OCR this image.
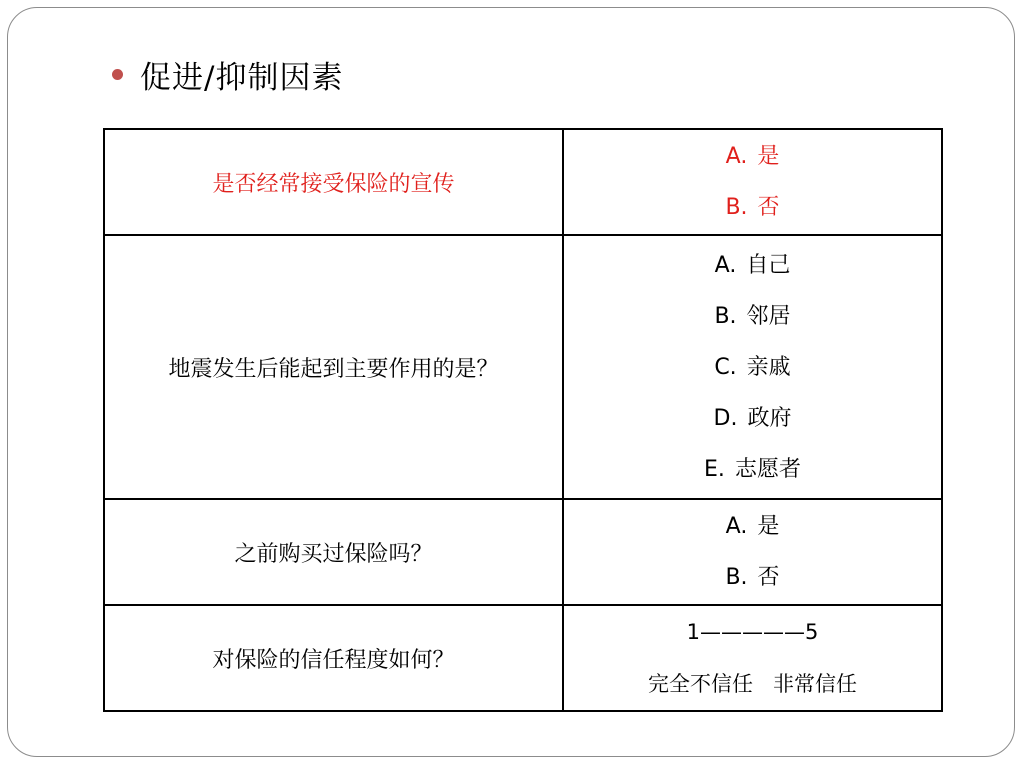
促进/抑制因素
是否经常接受保险的宣传	A. 是
B. 否

地震发生后能起到主要作用的是？	A. 自己
B. 邻居
C. 亲戚
D. 政府
E. 志愿者

之前购买过保险吗？	A. 是
B. 否

对保险的信任程度如何？	1—————5
完全不信任   非常信任
